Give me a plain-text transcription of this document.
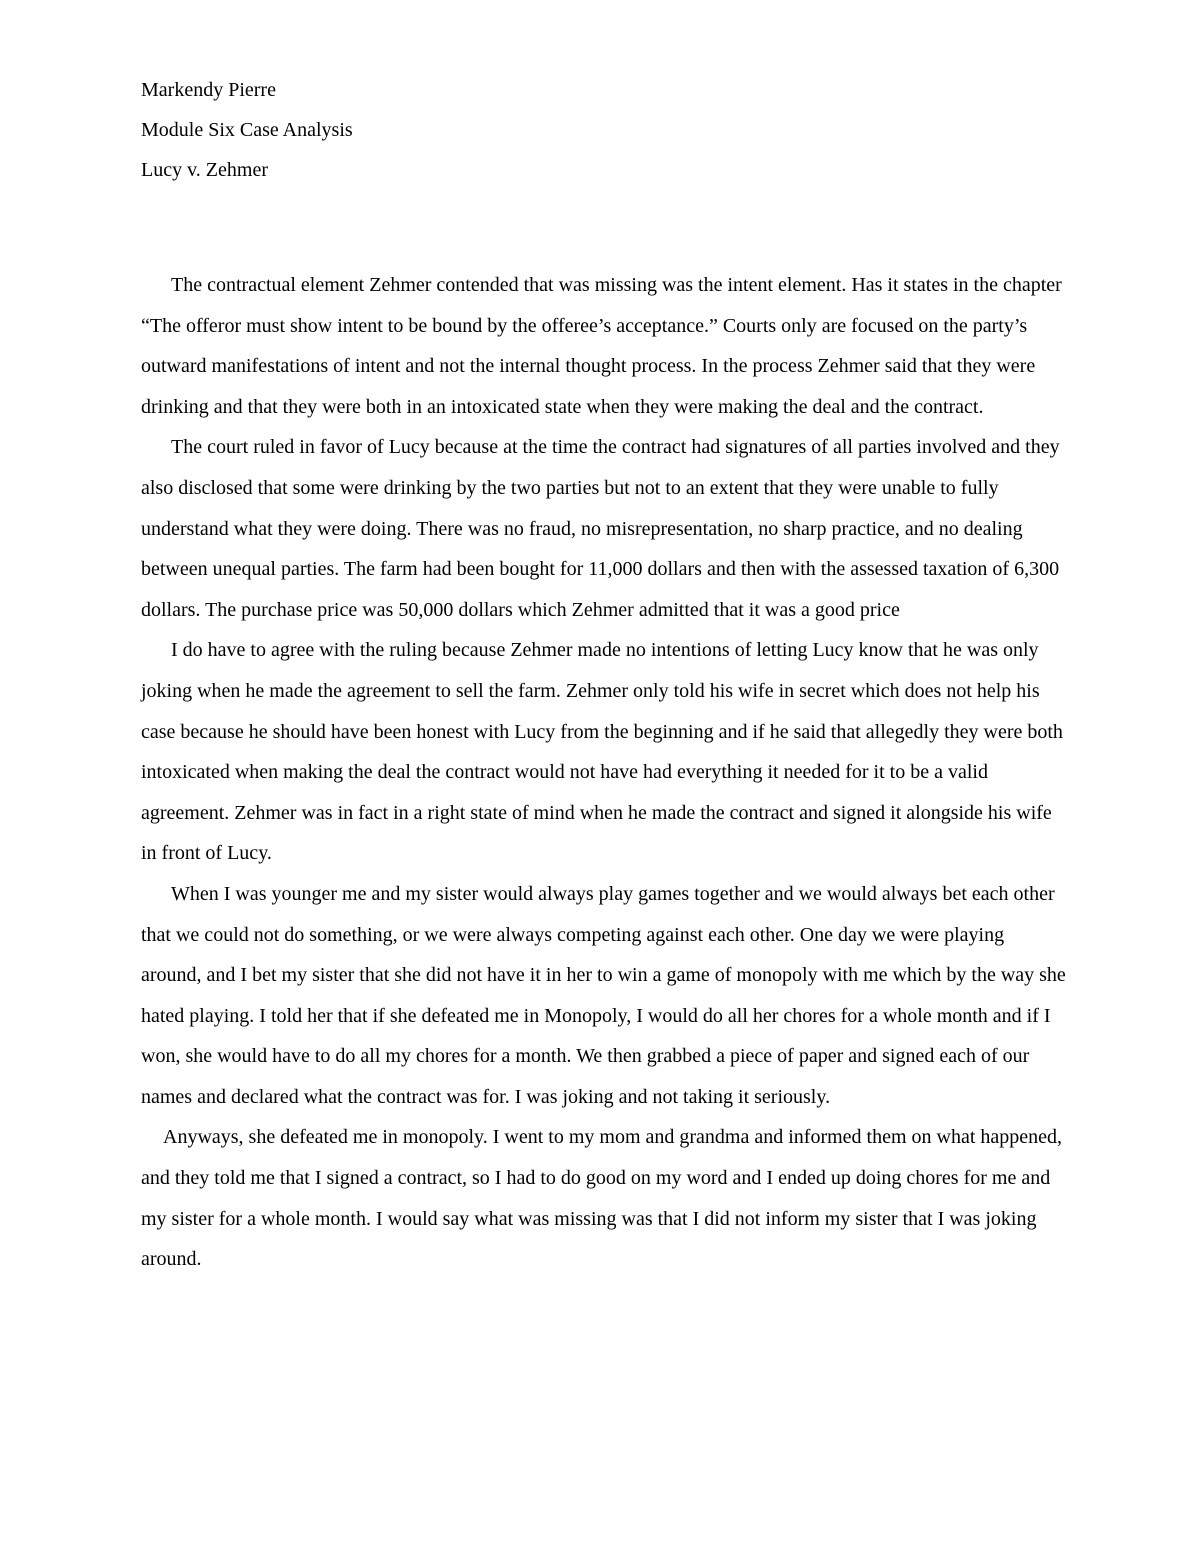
Markendy Pierre
Module Six Case Analysis
Lucy v. Zehmer

The contractual element Zehmer contended that was missing was the intent element. Has it states in the chapter “The offeror must show intent to be bound by the offeree’s acceptance.” Courts only are focused on the party’s outward manifestations of intent and not the internal thought process. In the process Zehmer said that they were drinking and that they were both in an intoxicated state when they were making the deal and the contract.

The court ruled in favor of Lucy because at the time the contract had signatures of all parties involved and they also disclosed that some were drinking by the two parties but not to an extent that they were unable to fully understand what they were doing. There was no fraud, no misrepresentation, no sharp practice, and no dealing between unequal parties. The farm had been bought for 11,000 dollars and then with the assessed taxation of 6,300 dollars. The purchase price was 50,000 dollars which Zehmer admitted that it was a good price

I do have to agree with the ruling because Zehmer made no intentions of letting Lucy know that he was only joking when he made the agreement to sell the farm. Zehmer only told his wife in secret which does not help his case because he should have been honest with Lucy from the beginning and if he said that allegedly they were both intoxicated when making the deal the contract would not have had everything it needed for it to be a valid agreement. Zehmer was in fact in a right state of mind when he made the contract and signed it alongside his wife in front of Lucy.

When I was younger me and my sister would always play games together and we would always bet each other that we could not do something, or we were always competing against each other. One day we were playing around, and I bet my sister that she did not have it in her to win a game of monopoly with me which by the way she hated playing. I told her that if she defeated me in Monopoly, I would do all her chores for a whole month and if I won, she would have to do all my chores for a month. We then grabbed a piece of paper and signed each of our names and declared what the contract was for. I was joking and not taking it seriously.

Anyways, she defeated me in monopoly. I went to my mom and grandma and informed them on what happened, and they told me that I signed a contract, so I had to do good on my word and I ended up doing chores for me and my sister for a whole month. I would say what was missing was that I did not inform my sister that I was joking around.
